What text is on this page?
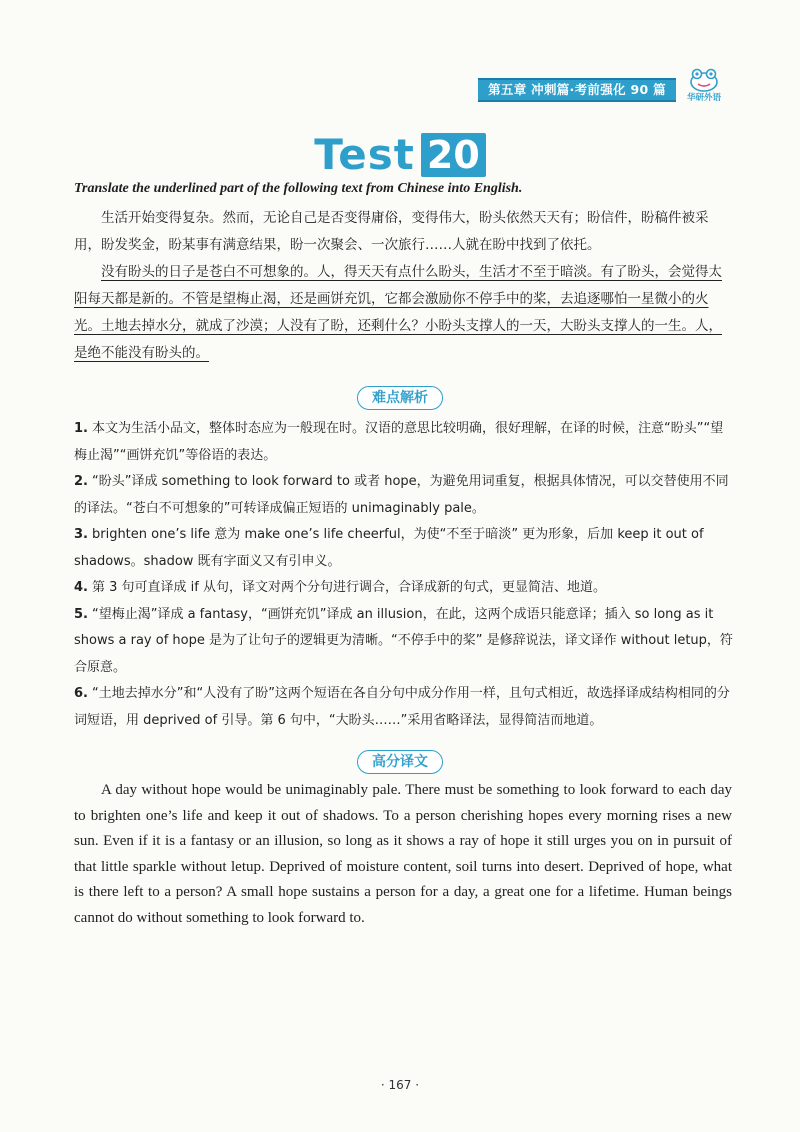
第五章 冲刺篇·考前强化 90 篇
华研外语
Test 20
Translate the underlined part of the following text from Chinese into English.
生活开始变得复杂。然而，无论自己是否变得庸俗，变得伟大，盼头依然天天有；盼信件，盼稿件被采用，盼发奖金，盼某事有满意结果，盼一次聚会、一次旅行……人就在盼中找到了依托。
没有盼头的日子是苍白不可想象的。人，得天天有点什么盼头，生活才不至于暗淡。有了盼头，会觉得太阳每天都是新的。不管是望梅止渴，还是画饼充饥，它都会激励你不停手中的桨，去追逐哪怕一星微小的火光。土地去掉水分，就成了沙漠；人没有了盼，还剩什么？小盼头支撑人的一天，大盼头支撑人的一生。人，是绝不能没有盼头的。
难点解析
1. 本文为生活小品文，整体时态应为一般现在时。汉语的意思比较明确，很好理解，在译的时候，注意“盼头”“望梅止渴”“画饼充饥”等俗语的表达。
2. “盼头”译成 something to look forward to 或者 hope，为避免用词重复，根据具体情况，可以交替使用不同的译法。“苍白不可想象的”可转译成偏正短语的 unimaginably pale。
3. brighten one’s life 意为 make one’s life cheerful，为使“不至于暗淡” 更为形象，后加 keep it out of shadows。shadow 既有字面义又有引申义。
4. 第 3 句可直译成 if 从句，译文对两个分句进行调合，合译成新的句式，更显简洁、地道。
5. “望梅止渴”译成 a fantasy，“画饼充饥”译成 an illusion，在此，这两个成语只能意译；插入 so long as it shows a ray of hope 是为了让句子的逻辑更为清晰。“不停手中的桨” 是修辞说法，译文译作 without letup，符合原意。
6. “土地去掉水分”和“人没有了盼”这两个短语在各自分句中成分作用一样，且句式相近，故选择译成结构相同的分词短语，用 deprived of 引导。第 6 句中，“大盼头……”采用省略译法，显得简洁而地道。
高分译文
A day without hope would be unimaginably pale. There must be something to look forward to each day to brighten one’s life and keep it out of shadows. To a person cherishing hopes every morning rises a new sun. Even if it is a fantasy or an illusion, so long as it shows a ray of hope it still urges you on in pursuit of that little sparkle without letup. Deprived of moisture content, soil turns into desert. Deprived of hope, what is there left to a person? A small hope sustains a person for a day, a great one for a lifetime. Human beings cannot do without something to look forward to.
· 167 ·
